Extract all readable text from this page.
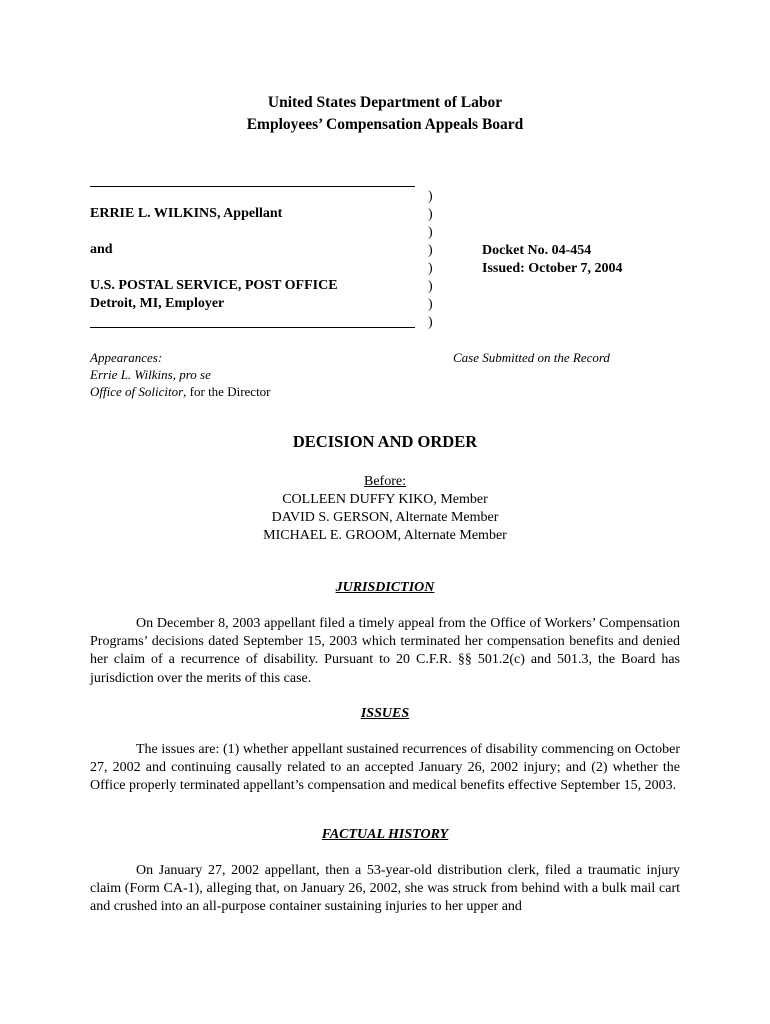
United States Department of Labor
Employees’ Compensation Appeals Board
ERRIE L. WILKINS, Appellant
and
U.S. POSTAL SERVICE, POST OFFICE
Detroit, MI, Employer
)
)
)
)
)
)
)
)
Docket No. 04-454
Issued: October 7, 2004
Appearances:
Errie L. Wilkins, pro se
Office of Solicitor, for the Director
Case Submitted on the Record
DECISION AND ORDER
Before:
COLLEEN DUFFY KIKO, Member
DAVID S. GERSON, Alternate Member
MICHAEL E. GROOM, Alternate Member
JURISDICTION

On December 8, 2003 appellant filed a timely appeal from the Office of Workers’ Compensation Programs’ decisions dated September 15, 2003 which terminated her compensation benefits and denied her claim of a recurrence of disability. Pursuant to 20 C.F.R. §§ 501.2(c) and 501.3, the Board has jurisdiction over the merits of this case.

ISSUES

The issues are: (1) whether appellant sustained recurrences of disability commencing on October 27, 2002 and continuing causally related to an accepted January 26, 2002 injury; and (2) whether the Office properly terminated appellant’s compensation and medical benefits effective September 15, 2003.

FACTUAL HISTORY

On January 27, 2002 appellant, then a 53-year-old distribution clerk, filed a traumatic injury claim (Form CA-1), alleging that, on January 26, 2002, she was struck from behind with a bulk mail cart and crushed into an all-purpose container sustaining injuries to her upper and
